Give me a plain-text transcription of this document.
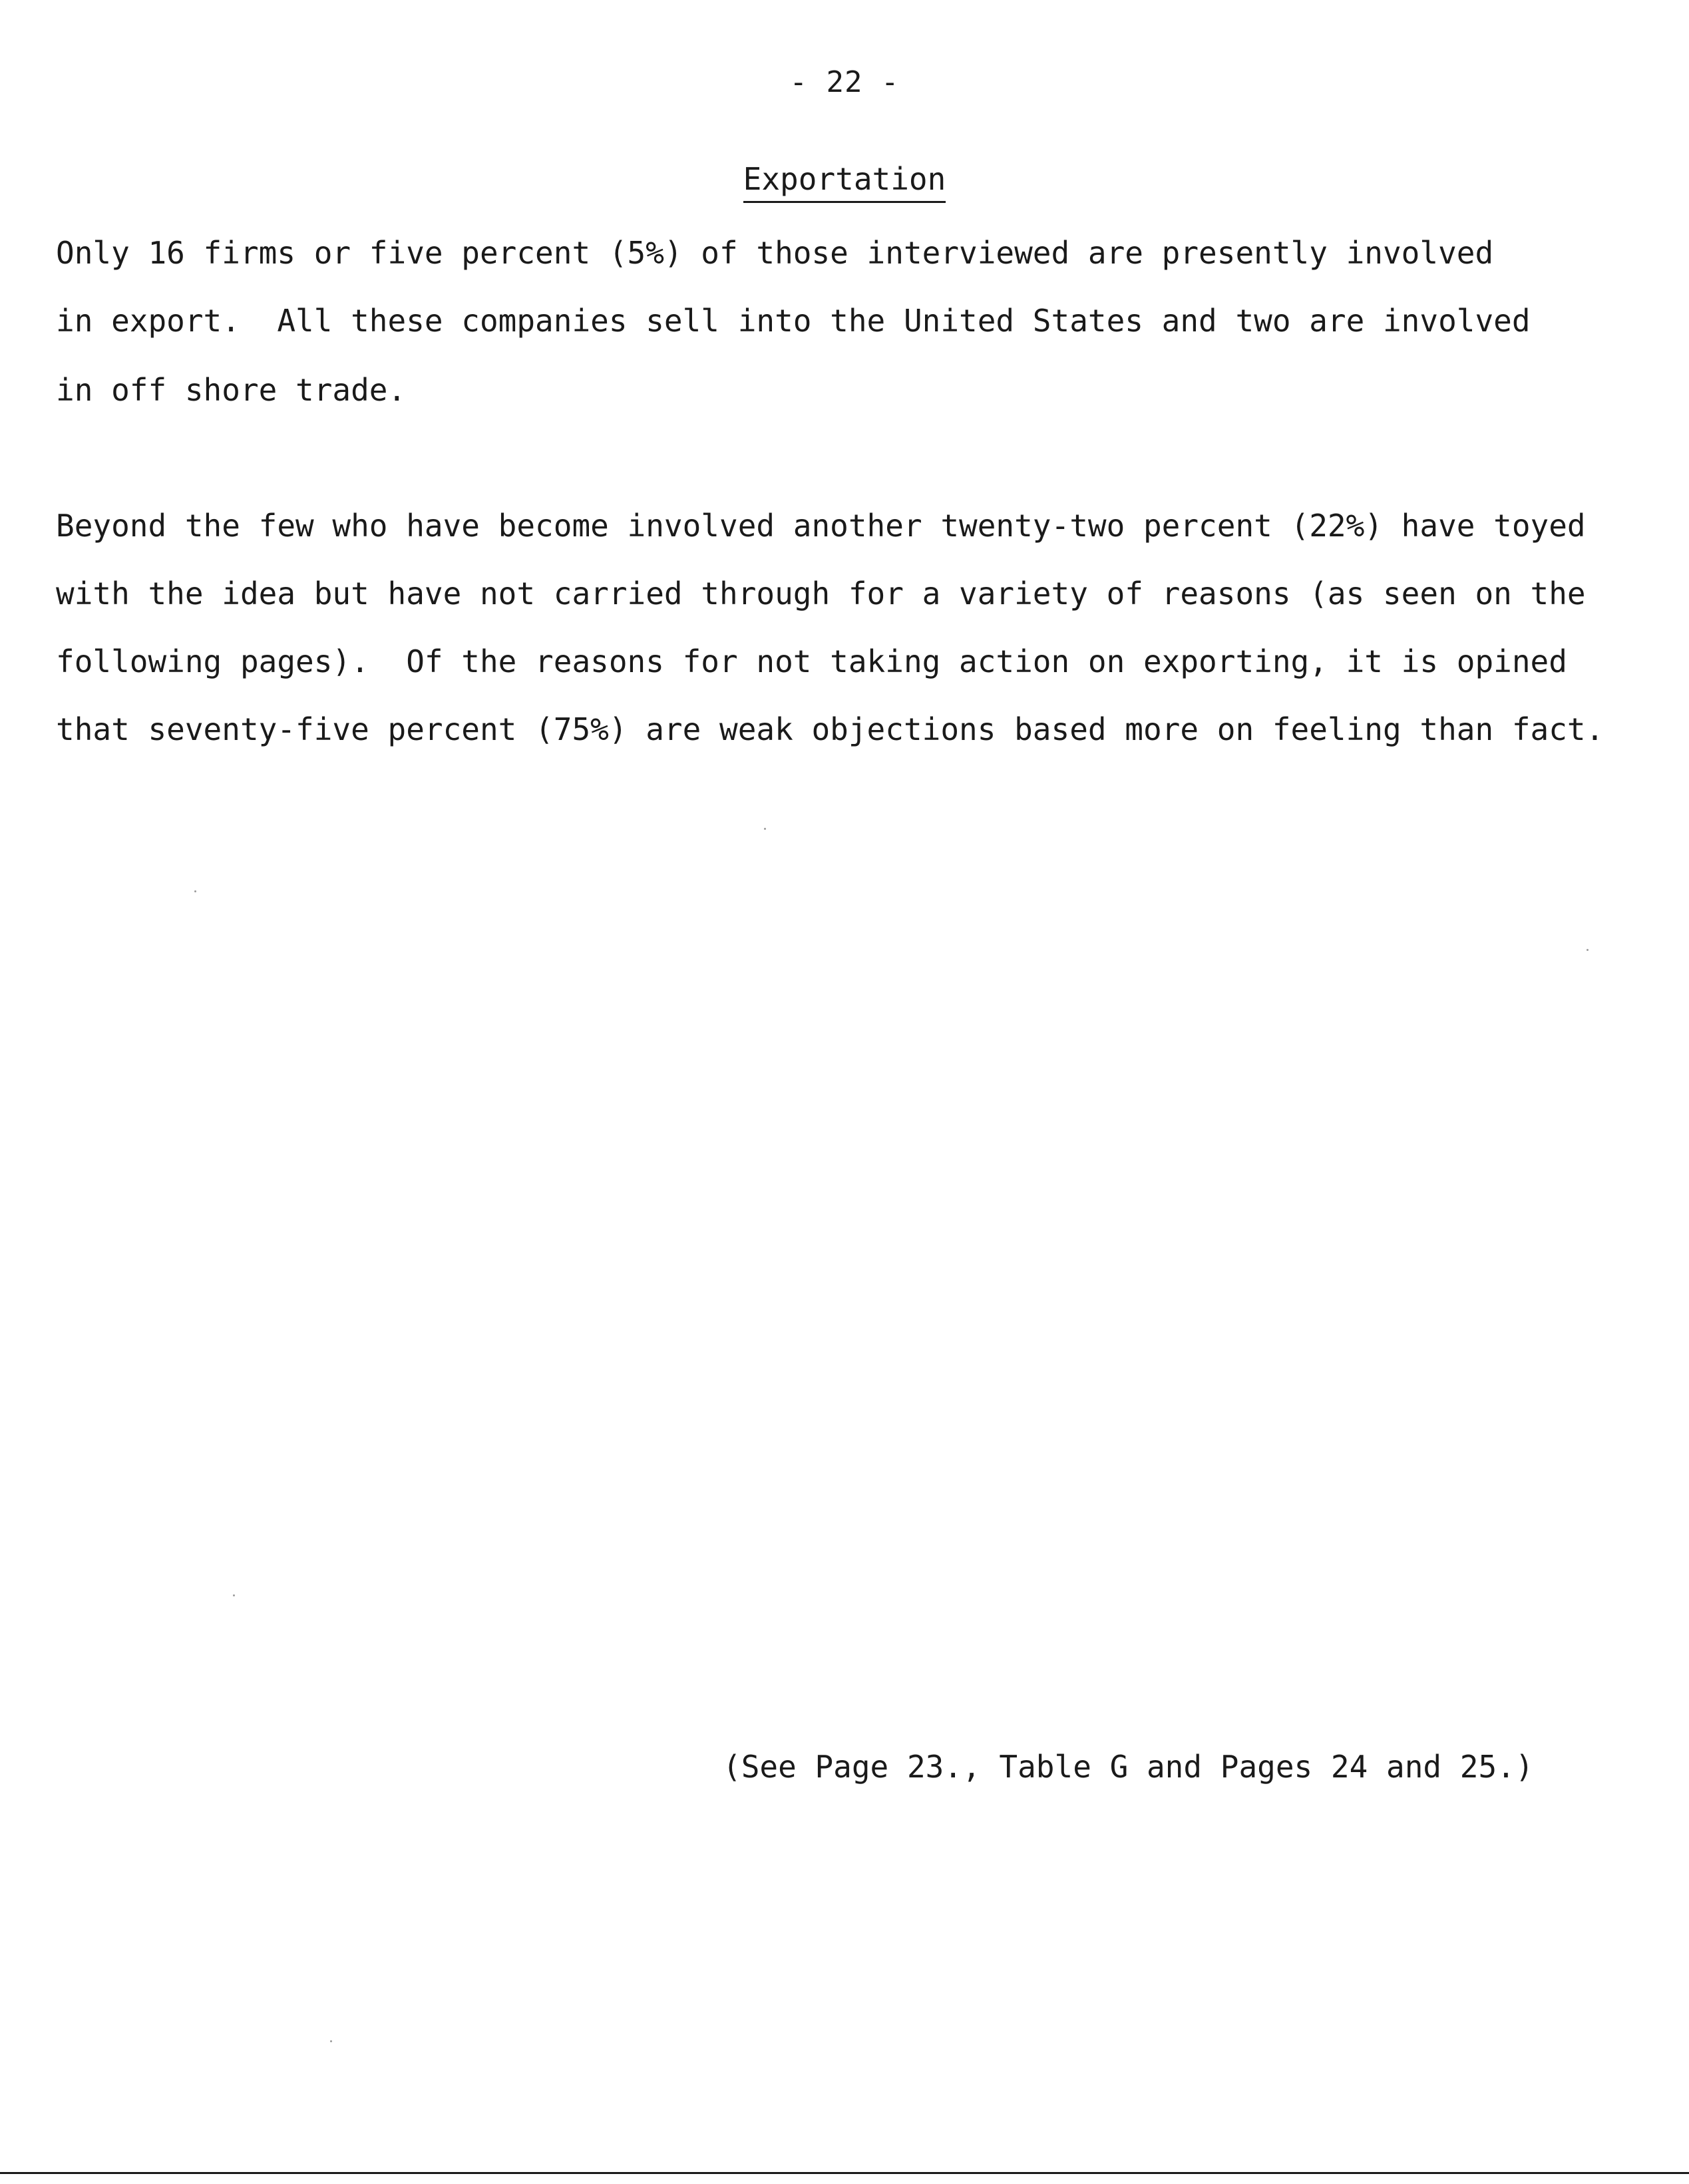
- 22 -
Exportation
Only 16 firms or five percent (5%) of those interviewed are presently involved
in export.  All these companies sell into the United States and two are involved
in off shore trade.
Beyond the few who have become involved another twenty-two percent (22%) have toyed
with the idea but have not carried through for a variety of reasons (as seen on the
following pages).  Of the reasons for not taking action on exporting, it is opined
that seventy-five percent (75%) are weak objections based more on feeling than fact.
(See Page 23., Table G and Pages 24 and 25.)
